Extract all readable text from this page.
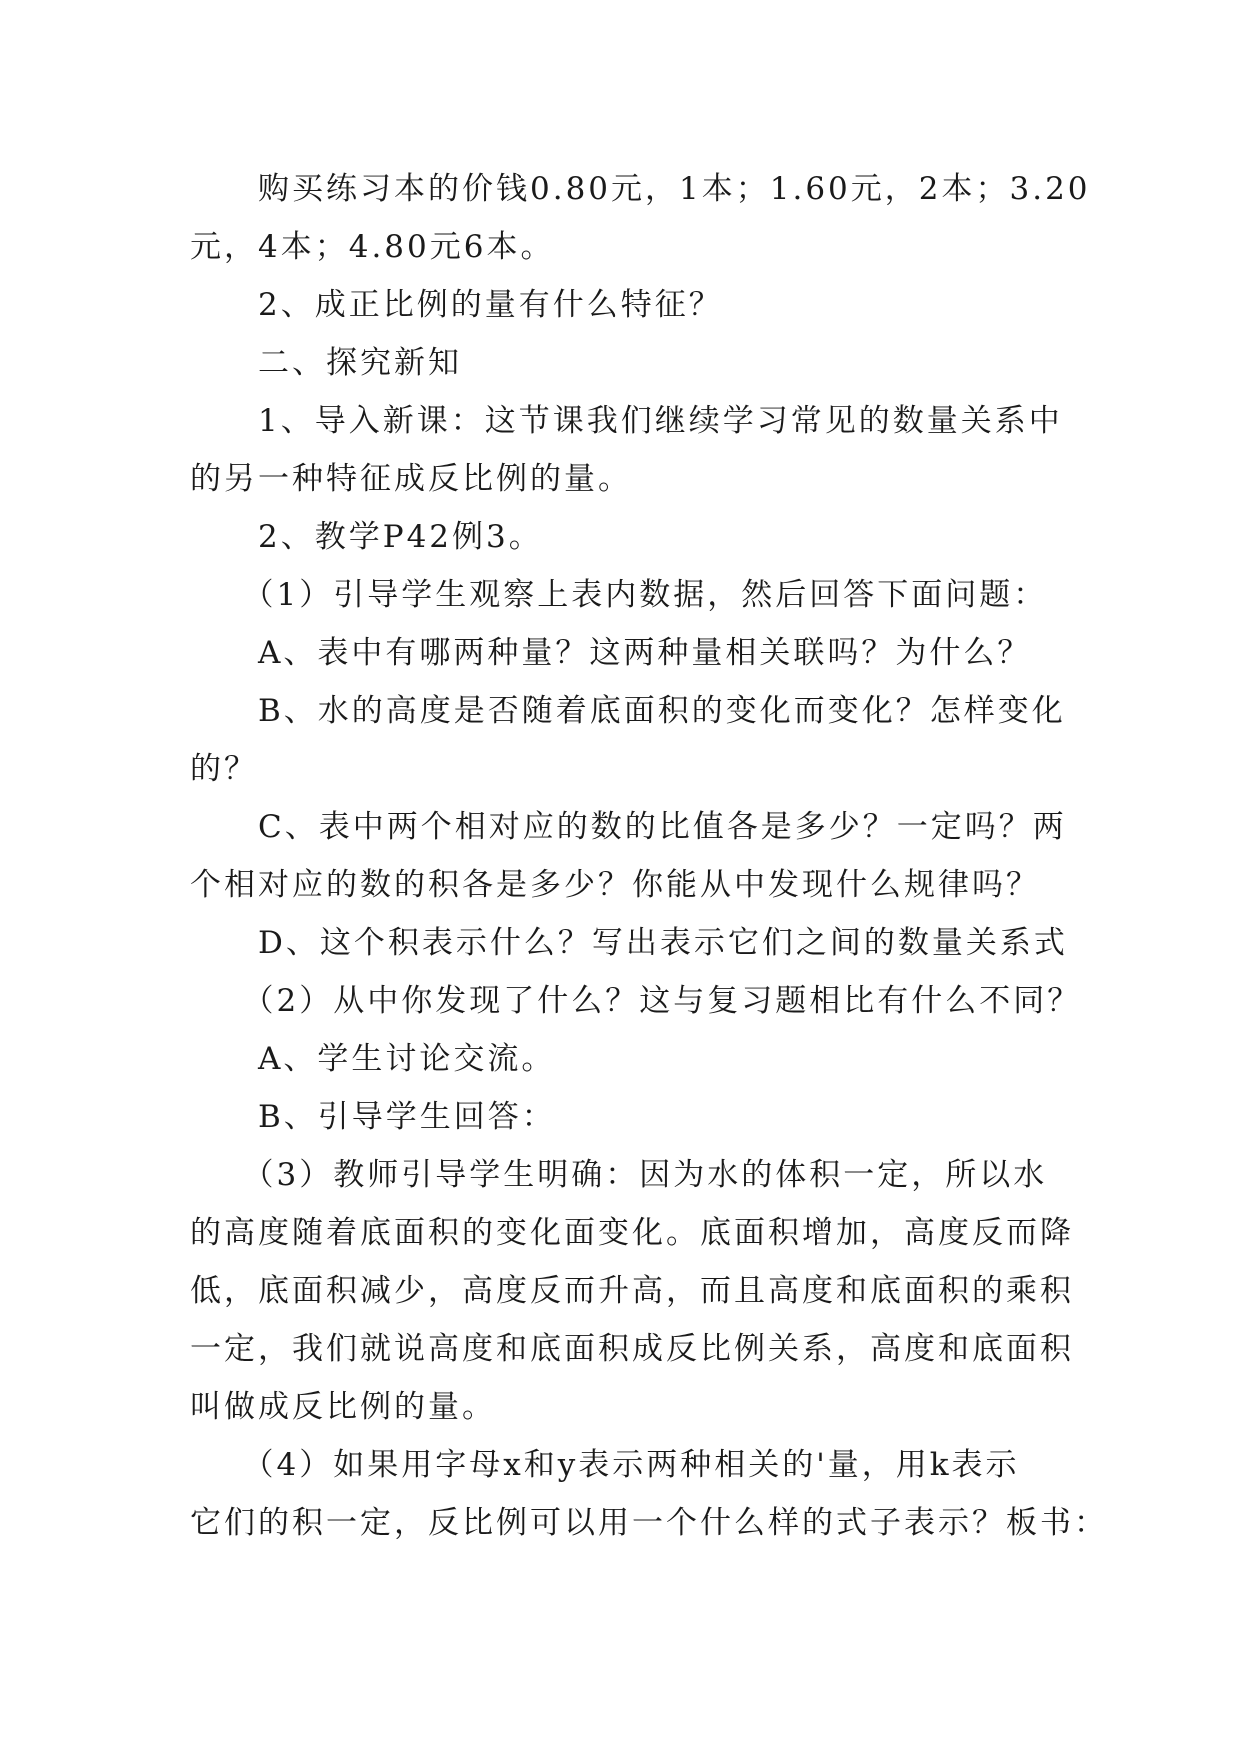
　　购买练习本的价钱0.80元，1本；1.60元，2本；3.20
元，4本；4.80元6本。
　　2、成正比例的量有什么特征？
　　二、探究新知
　　1、导入新课：这节课我们继续学习常见的数量关系中
的另一种特征成反比例的量。
　　2、教学P42例3。
　　（1）引导学生观察上表内数据，然后回答下面问题：
　　A、表中有哪两种量？这两种量相关联吗？为什么？
　　B、水的高度是否随着底面积的变化而变化？怎样变化
的？
　　C、表中两个相对应的数的比值各是多少？一定吗？两
个相对应的数的积各是多少？你能从中发现什么规律吗？
　　D、这个积表示什么？写出表示它们之间的数量关系式
　　（2）从中你发现了什么？这与复习题相比有什么不同？
　　A、学生讨论交流。
　　B、引导学生回答：
　　（3）教师引导学生明确：因为水的体积一定，所以水
的高度随着底面积的变化面变化。底面积增加，高度反而降
低，底面积减少，高度反而升高，而且高度和底面积的乘积
一定，我们就说高度和底面积成反比例关系，高度和底面积
叫做成反比例的量。
　　（4）如果用字母x和y表示两种相关的'量，用k表示
它们的积一定，反比例可以用一个什么样的式子表示？板书：
